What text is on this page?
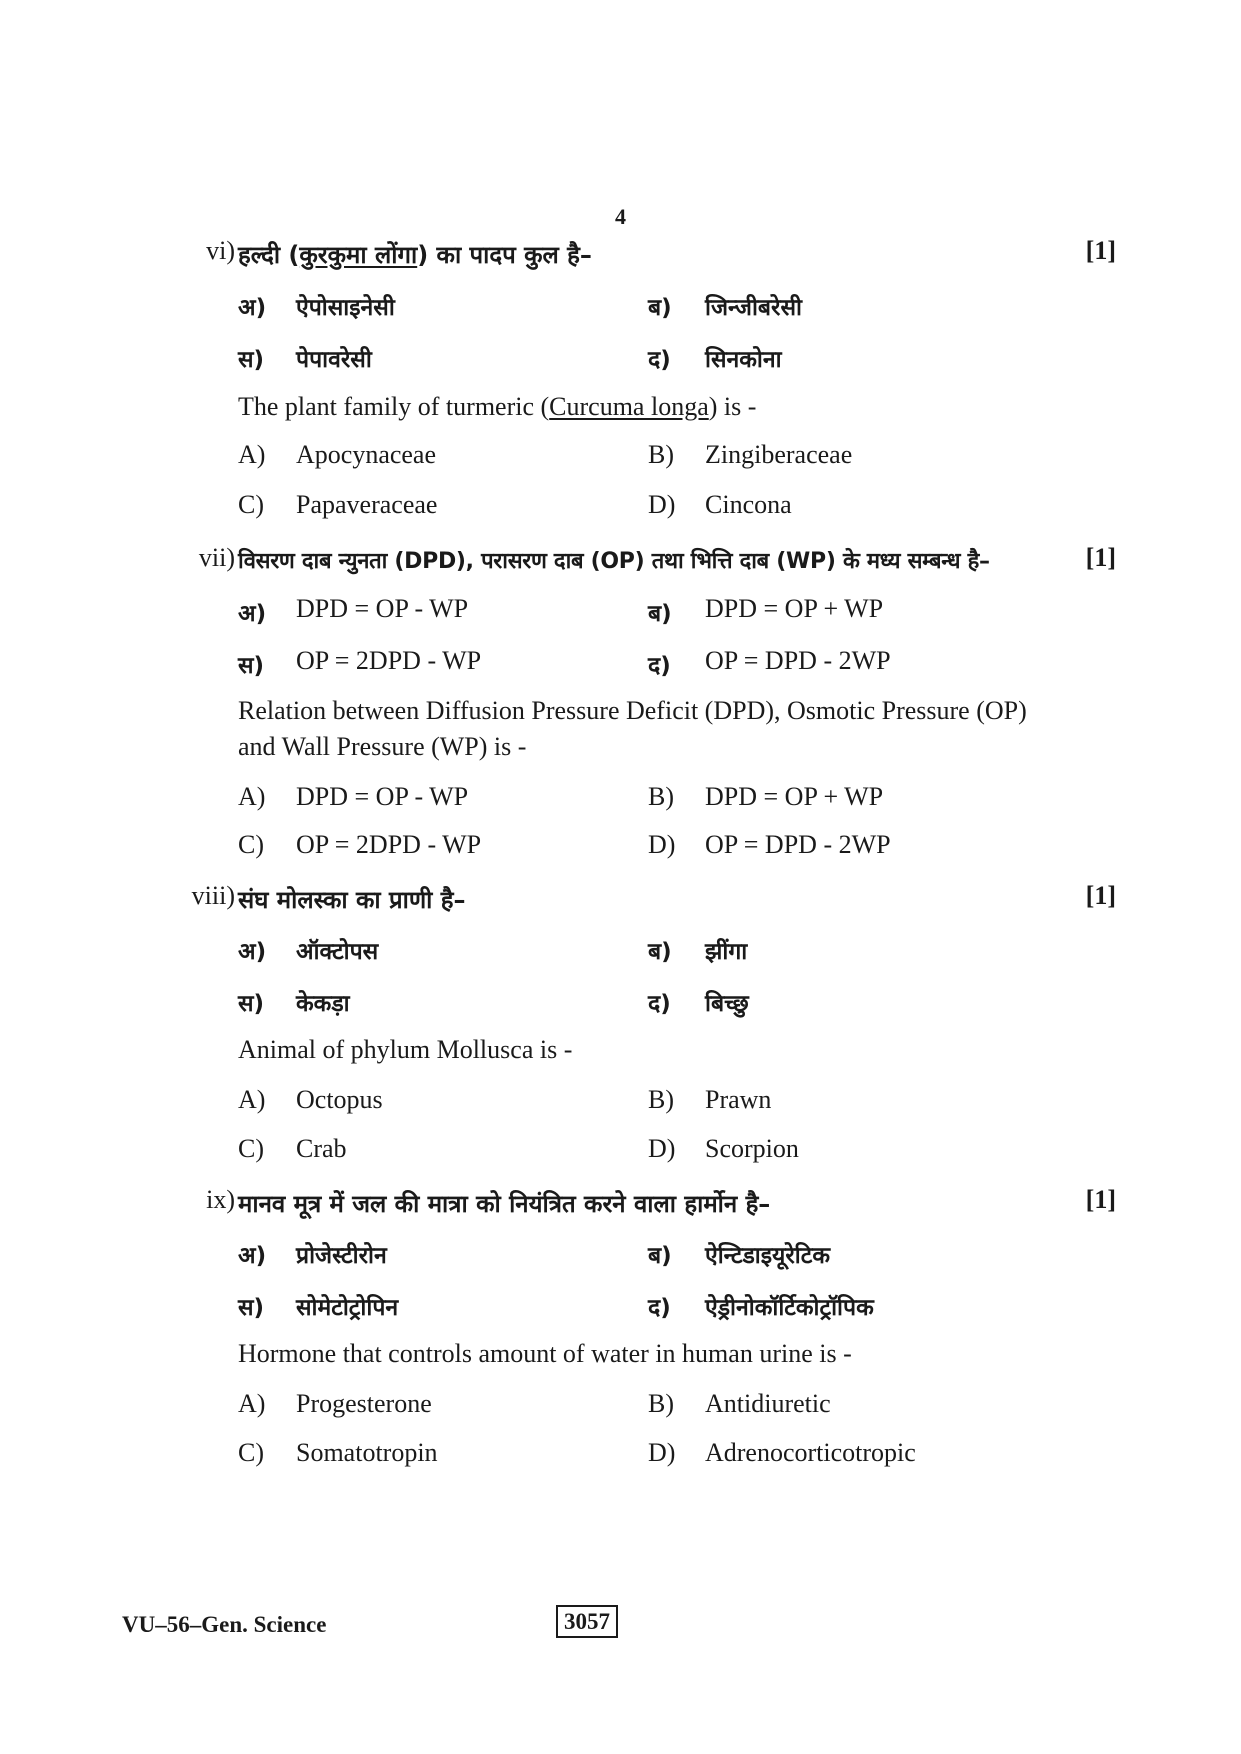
4
vi) हल्दी (कुरकुमा लोंगा) का पादप कुल है–	[1]
अ) ऐपोसाइनेसी	ब) जिन्जीबरेसी
स) पेपावरेसी	द) सिनकोना
The plant family of turmeric (Curcuma longa) is -
A) Apocynaceae	B) Zingiberaceae
C) Papaveraceae	D) Cincona
vii) विसरण दाब न्युनता (DPD), परासरण दाब (OP) तथा भित्ति दाब (WP) के मध्य सम्बन्ध है–	[1]
अ) DPD = OP - WP	ब) DPD = OP + WP
स) OP = 2DPD - WP	द) OP = DPD - 2WP
Relation between Diffusion Pressure Deficit (DPD), Osmotic Pressure (OP)
and Wall Pressure (WP) is -
A) DPD = OP - WP	B) DPD = OP + WP
C) OP = 2DPD - WP	D) OP = DPD - 2WP
viii) संघ मोलस्का का प्राणी है–	[1]
अ) ऑक्टोपस	ब) झींगा
स) केकड़ा	द) बिच्छु
Animal of phylum Mollusca is -
A) Octopus	B) Prawn
C) Crab	D) Scorpion
ix) मानव मूत्र में जल की मात्रा को नियंत्रित करने वाला हार्मोन है–	[1]
अ) प्रोजेस्टीरोन	ब) ऐन्टिडाइयूरेटिक
स) सोमेटोट्रोपिन	द) ऐड्रीनोकॉर्टिकोट्रॉपिक
Hormone that controls amount of water in human urine is -
A) Progesterone	B) Antidiuretic
C) Somatotropin	D) Adrenocorticotropic
VU–56–Gen. Science	3057
